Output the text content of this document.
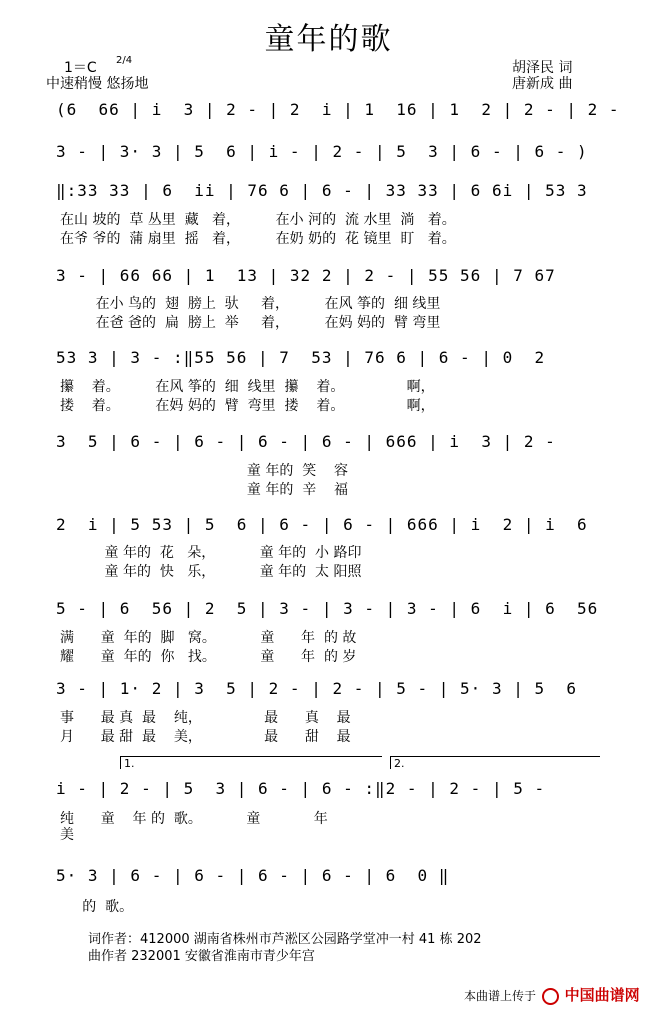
童年的歌
1＝C 2/4
中速稍慢 悠扬地
胡泽民 词
唐新成 曲
(6  66 | i  3 | 2 - | 2  i | 1  16 | 1  2 | 2 - | 2 -
3 - | 3· 3 | 5  6 | i - | 2 - | 5  3 | 6 - | 6 - )
‖:33 33 | 6  ii | 76 6 | 6 - | 33 33 | 6 6i | 53 3
在山 坡的  草 丛里  藏   着，        在小 河的  流 水里  淌   着。
在爷 爷的  蒲 扇里  摇   着，        在奶 奶的  花 镜里  盯   着。
3 - | 66 66 | 1  13 | 32 2 | 2 - | 55 56 | 7 67
在小 鸟的  翅  膀上  驮     着，        在风 筝的  细 线里
在爸 爸的  扁  膀上  举     着，        在妈 妈的  臂 弯里
53 3 | 3 - :‖55 56 | 7  53 | 76 6 | 6 - | 0  2
攥    着。        在风 筝的  细  线里  攥    着。              啊，
搂    着。        在妈 妈的  臂  弯里  搂    着。              啊，
3  5 | 6 - | 6 - | 6 - | 6 - | 666 | i  3 | 2 -
童 年的  笑    容
童 年的  辛    福
2  i | 5 53 | 5  6 | 6 - | 6 - | 666 | i  2 | i  6
童 年的  花   朵，          童 年的  小 路印
童 年的  快   乐，          童 年的  太 阳照
5 - | 6  56 | 2  5 | 3 - | 3 - | 3 - | 6  i | 6  56
满      童  年的  脚   窝。          童      年  的 故
耀      童  年的  你   找。          童      年  的 岁
3 - | 1· 2 | 3  5 | 2 - | 2 - | 5 - | 5· 3 | 5  6
事      最 真  最    纯，              最      真    最
月      最 甜  最    美，              最      甜    最
1.	2.
i - | 2 - | 5  3 | 6 - | 6 - :‖2 - | 2 - | 5 -
纯      童    年 的  歌。          童            年
美
5· 3 | 6 - | 6 - | 6 - | 6 - | 6  0 ‖
的  歌。
词作者：412000 湖南省株州市芦淞区公园路学堂冲一村 41 栋 202
曲作者 232001 安徽省淮南市青少年宫
本曲谱上传于 中国曲谱网
